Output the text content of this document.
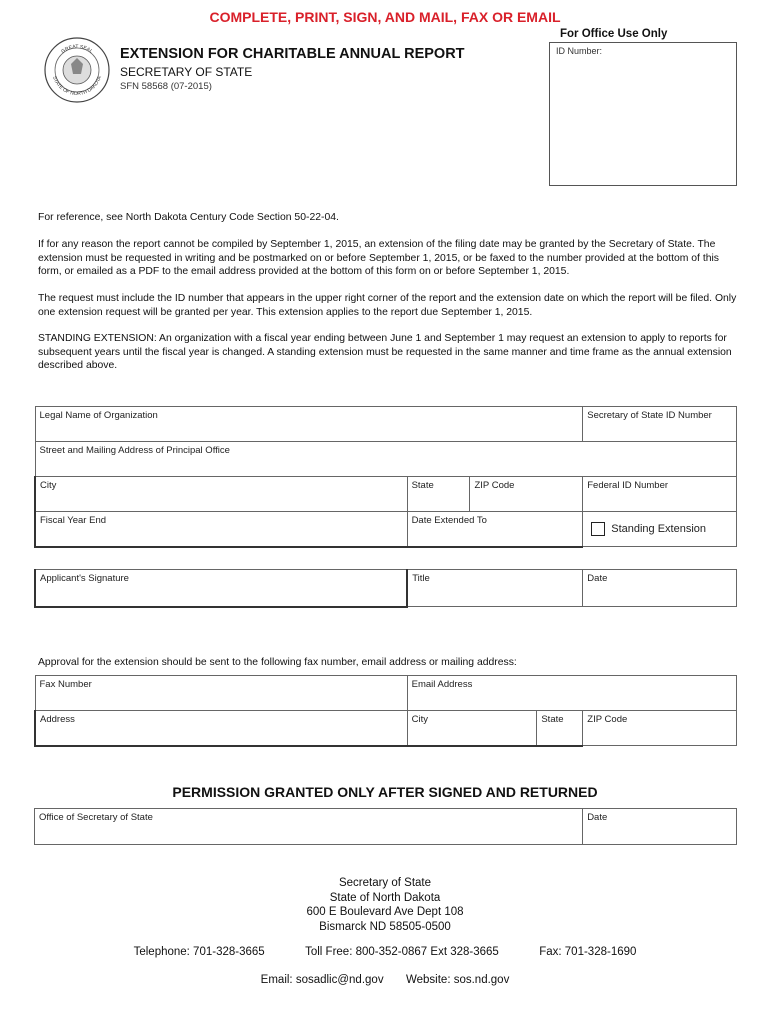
COMPLETE, PRINT, SIGN, AND MAIL, FAX OR EMAIL
For Office Use Only
ID Number:
GREAT SEAL
STATE OF NORTH DAKOTA
EXTENSION FOR CHARITABLE ANNUAL REPORT
SECRETARY OF STATE
SFN 58568 (07-2015)
For reference, see North Dakota Century Code Section 50-22-04.
If for any reason the report cannot be compiled by September 1, 2015, an extension of the filing date may be granted by the Secretary of State. The extension must be requested in writing and be postmarked on or before September 1, 2015, or be faxed to the number provided at the bottom of this form, or emailed as a PDF to the email address provided at the bottom of this form on or before September 1, 2015.
The request must include the ID number that appears in the upper right corner of the report and the extension date on which the report will be filed. Only one extension request will be granted per year. This extension applies to the report due September 1, 2015.
STANDING EXTENSION: An organization with a fiscal year ending between June 1 and September 1 may request an extension to apply to reports for subsequent years until the fiscal year is changed. A standing extension must be requested in the same manner and time frame as the annual extension described above.
Legal Name of Organization			Secretary of State ID Number
Street and Mailing Address of Principal Office			
City	State	ZIP Code	Federal ID Number
Fiscal Year End	Date Extended To		Standing Extension
Applicant's Signature	Title	Date
Approval for the extension should be sent to the following fax number, email address or mailing address:
Fax Number	Email Address		
Address	City	State	ZIP Code
PERMISSION GRANTED ONLY AFTER SIGNED AND RETURNED
Office of Secretary of State	Date
Secretary of State
State of North Dakota
600 E Boulevard Ave Dept 108
Bismarck ND 58505-0500
Telephone: 701-328-3665	Toll Free: 800-352-0867 Ext 328-3665	Fax: 701-328-1690
Email: sosadlic@nd.gov Website: sos.nd.gov
